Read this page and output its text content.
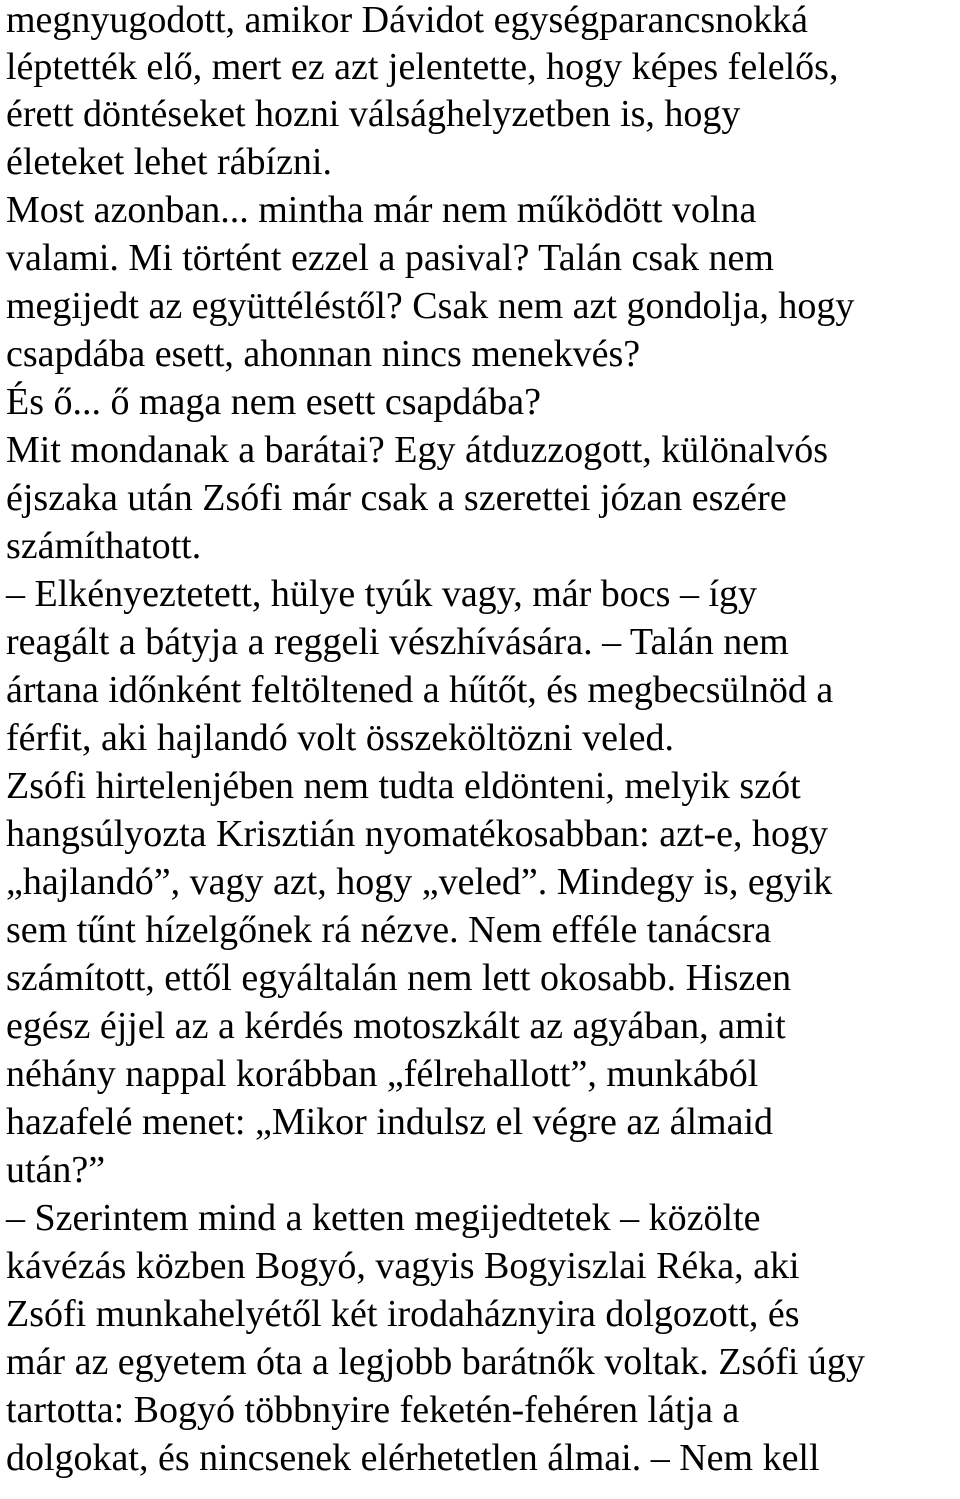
megnyugodott, amikor Dávidot egységparancsnokká
léptették elő, mert ez azt jelentette, hogy képes felelős,
érett döntéseket hozni válsághelyzetben is, hogy
életeket lehet rábízni.
Most azonban... mintha már nem működött volna
valami. Mi történt ezzel a pasival? Talán csak nem
megijedt az együttéléstől? Csak nem azt gondolja, hogy
csapdába esett, ahonnan nincs menekvés?
És ő... ő maga nem esett csapdába?
Mit mondanak a barátai? Egy átduzzogott, különalvós
éjszaka után Zsófi már csak a szerettei józan eszére
számíthatott.
– Elkényeztetett, hülye tyúk vagy, már bocs – így
reagált a bátyja a reggeli vészhívására. – Talán nem
ártana időnként feltöltened a hűtőt, és megbecsülnöd a
férfit, aki hajlandó volt összeköltözni veled.
Zsófi hirtelenjében nem tudta eldönteni, melyik szót
hangsúlyozta Krisztián nyomatékosabban: azt-e, hogy
„hajlandó”, vagy azt, hogy „veled”. Mindegy is, egyik
sem tűnt hízelgőnek rá nézve. Nem efféle tanácsra
számított, ettől egyáltalán nem lett okosabb. Hiszen
egész éjjel az a kérdés motoszkált az agyában, amit
néhány nappal korábban „félrehallott”, munkából
hazafelé menet: „Mikor indulsz el végre az álmaid
után?”
– Szerintem mind a ketten megijedtetek – közölte
kávézás közben Bogyó, vagyis Bogyiszlai Réka, aki
Zsófi munkahelyétől két irodaháznyira dolgozott, és
már az egyetem óta a legjobb barátnők voltak. Zsófi úgy
tartotta: Bogyó többnyire feketén-fehéren látja a
dolgokat, és nincsenek elérhetetlen álmai. – Nem kell
